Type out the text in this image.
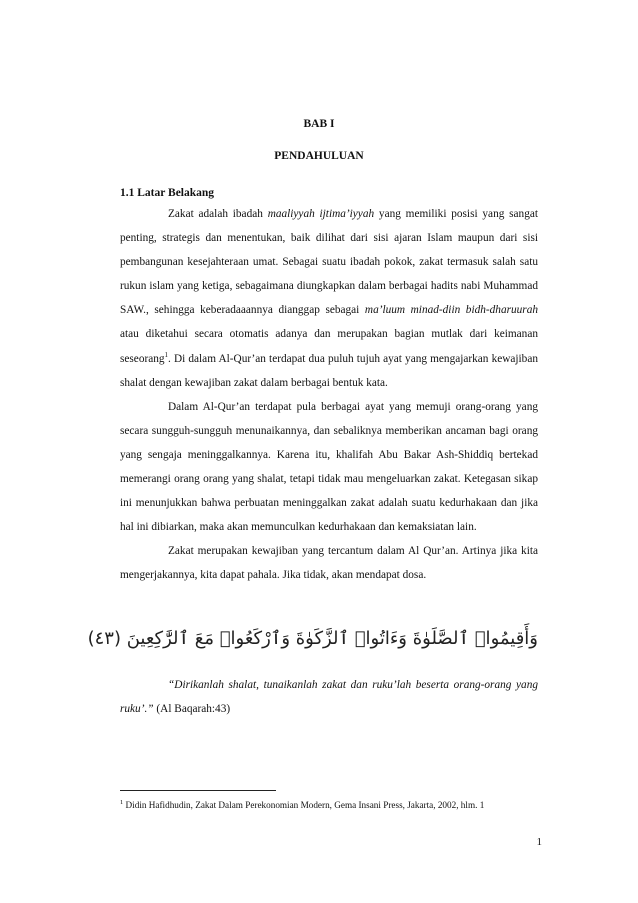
BAB I
PENDAHULUAN
1.1 Latar Belakang

Zakat adalah ibadah maaliyyah ijtima’iyyah yang memiliki posisi yang sangat penting, strategis dan menentukan, baik dilihat dari sisi ajaran Islam maupun dari sisi pembangunan kesejahteraan umat. Sebagai suatu ibadah pokok, zakat termasuk salah satu rukun islam yang ketiga, sebagaimana diungkapkan dalam berbagai hadits nabi Muhammad SAW., sehingga keberadaaannya dianggap sebagai ma’luum minad-diin bidh-dharuurah atau diketahui secara otomatis adanya dan merupakan bagian mutlak dari keimanan seseorang$^1$. Di dalam Al-Qur’an terdapat dua puluh tujuh ayat yang mengajarkan kewajiban shalat dengan kewajiban zakat dalam berbagai bentuk kata.

Dalam Al-Qur’an terdapat pula berbagai ayat yang memuji orang-orang yang secara sungguh-sungguh menunaikannya, dan sebaliknya memberikan ancaman bagi orang yang sengaja meninggalkannya. Karena itu, khalifah Abu Bakar Ash-Shiddiq bertekad memerangi orang orang yang shalat, tetapi tidak mau mengeluarkan zakat. Ketegasan sikap ini menunjukkan bahwa perbuatan meninggalkan zakat adalah suatu kedurhakaan dan jika hal ini dibiarkan, maka akan memunculkan kedurhakaan dan kemaksiatan lain.

Zakat merupakan kewajiban yang tercantum dalam Al Qur’an. Artinya jika kita mengerjakannya, kita dapat pahala. Jika tidak, akan mendapat dosa.

وَأَقِيمُوا۟ ٱلصَّلَوٰةَ وَءَاتُوا۟ ٱلزَّكَوٰةَ وَٱرْكَعُوا۟ مَعَ ٱلرَّٰكِعِينَ (٤٣)

“Dirikanlah shalat, tunaikanlah zakat dan ruku’lah beserta orang-orang yang ruku’.” (Al Baqarah:43)

$^1$ Didin Hafidhudin, Zakat Dalam Perekonomian Modern, Gema Insani Press, Jakarta, 2002, hlm. 1
1
